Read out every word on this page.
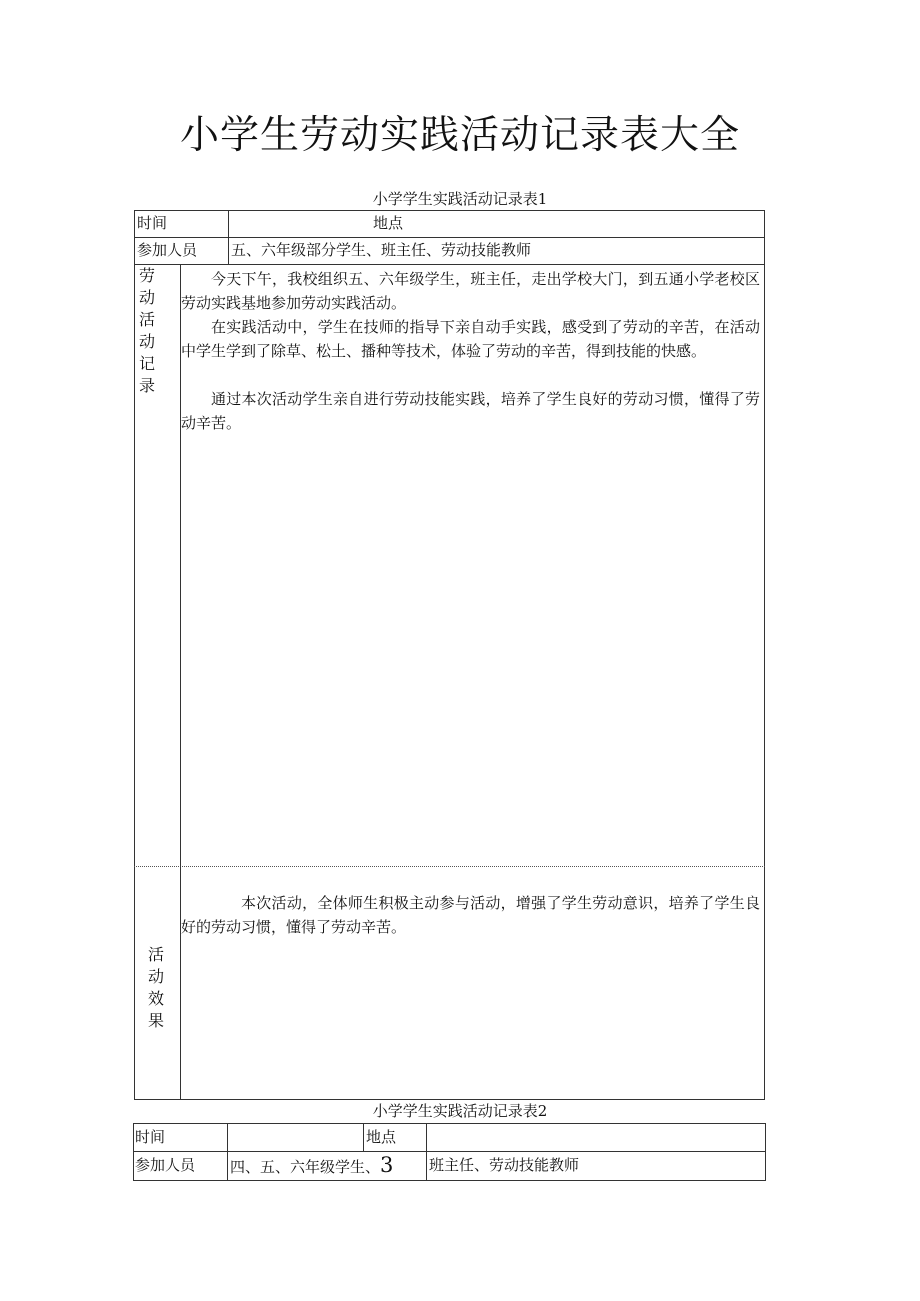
小学生劳动实践活动记录表大全
小学学生实践活动记录表1
时间	地点
参加人员 五、六年级部分学生、班主任、劳动技能教师
劳动活动记录

今天下午，我校组织五、六年级学生，班主任，走出学校大门，到五通小学老校区劳动实践基地参加劳动实践活动。

在实践活动中，学生在技师的指导下亲自动手实践，感受到了劳动的辛苦，在活动中学生学到了除草、松土、播种等技术，体验了劳动的辛苦，得到技能的快感。

通过本次活动学生亲自进行劳动技能实践，培养了学生良好的劳动习惯，懂得了劳动辛苦。

活动效果

本次活动，全体师生积极主动参与活动，增强了学生劳动意识，培养了学生良好的劳动习惯，懂得了劳动辛苦。

小学学生实践活动记录表2
时间	地点
参加人员 四、五、六年级学生、3 班主任、劳动技能教师
